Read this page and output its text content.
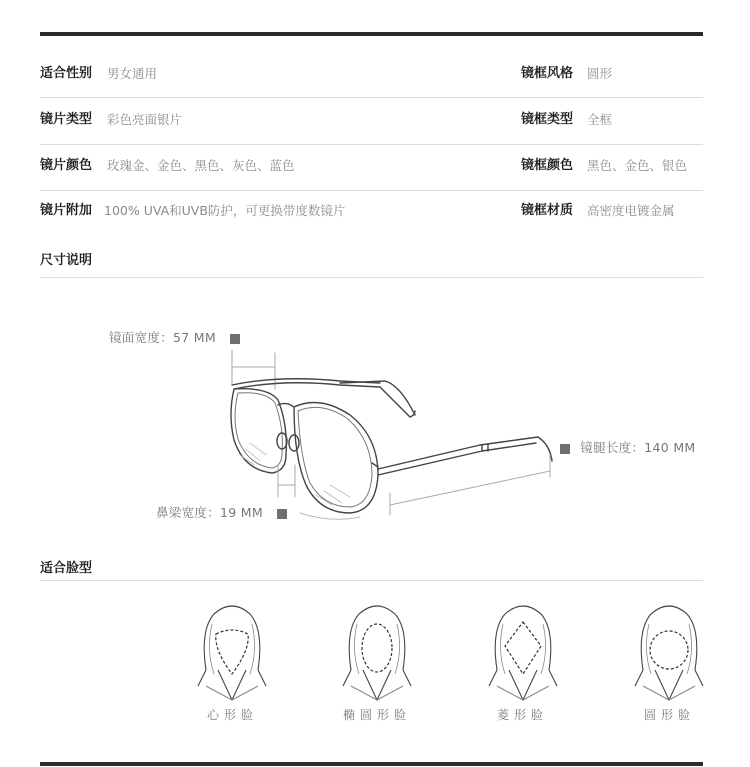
适合性别 男女通用	镜框风格 圆形
镜片类型 彩色亮面银片	镜框类型 全框
镜片颜色 玫瑰金、金色、黑色、灰色、蓝色	镜框颜色 黑色、金色、银色
镜片附加 100% UVA和UVB防护，可更换带度数镜片	镜框材质 高密度电镀金属
尺寸说明
镜面宽度：57 MM
镜腿长度：140 MM
鼻梁宽度：19 MM
适合脸型
心形脸	椭圆形脸	菱形脸	圆形脸
